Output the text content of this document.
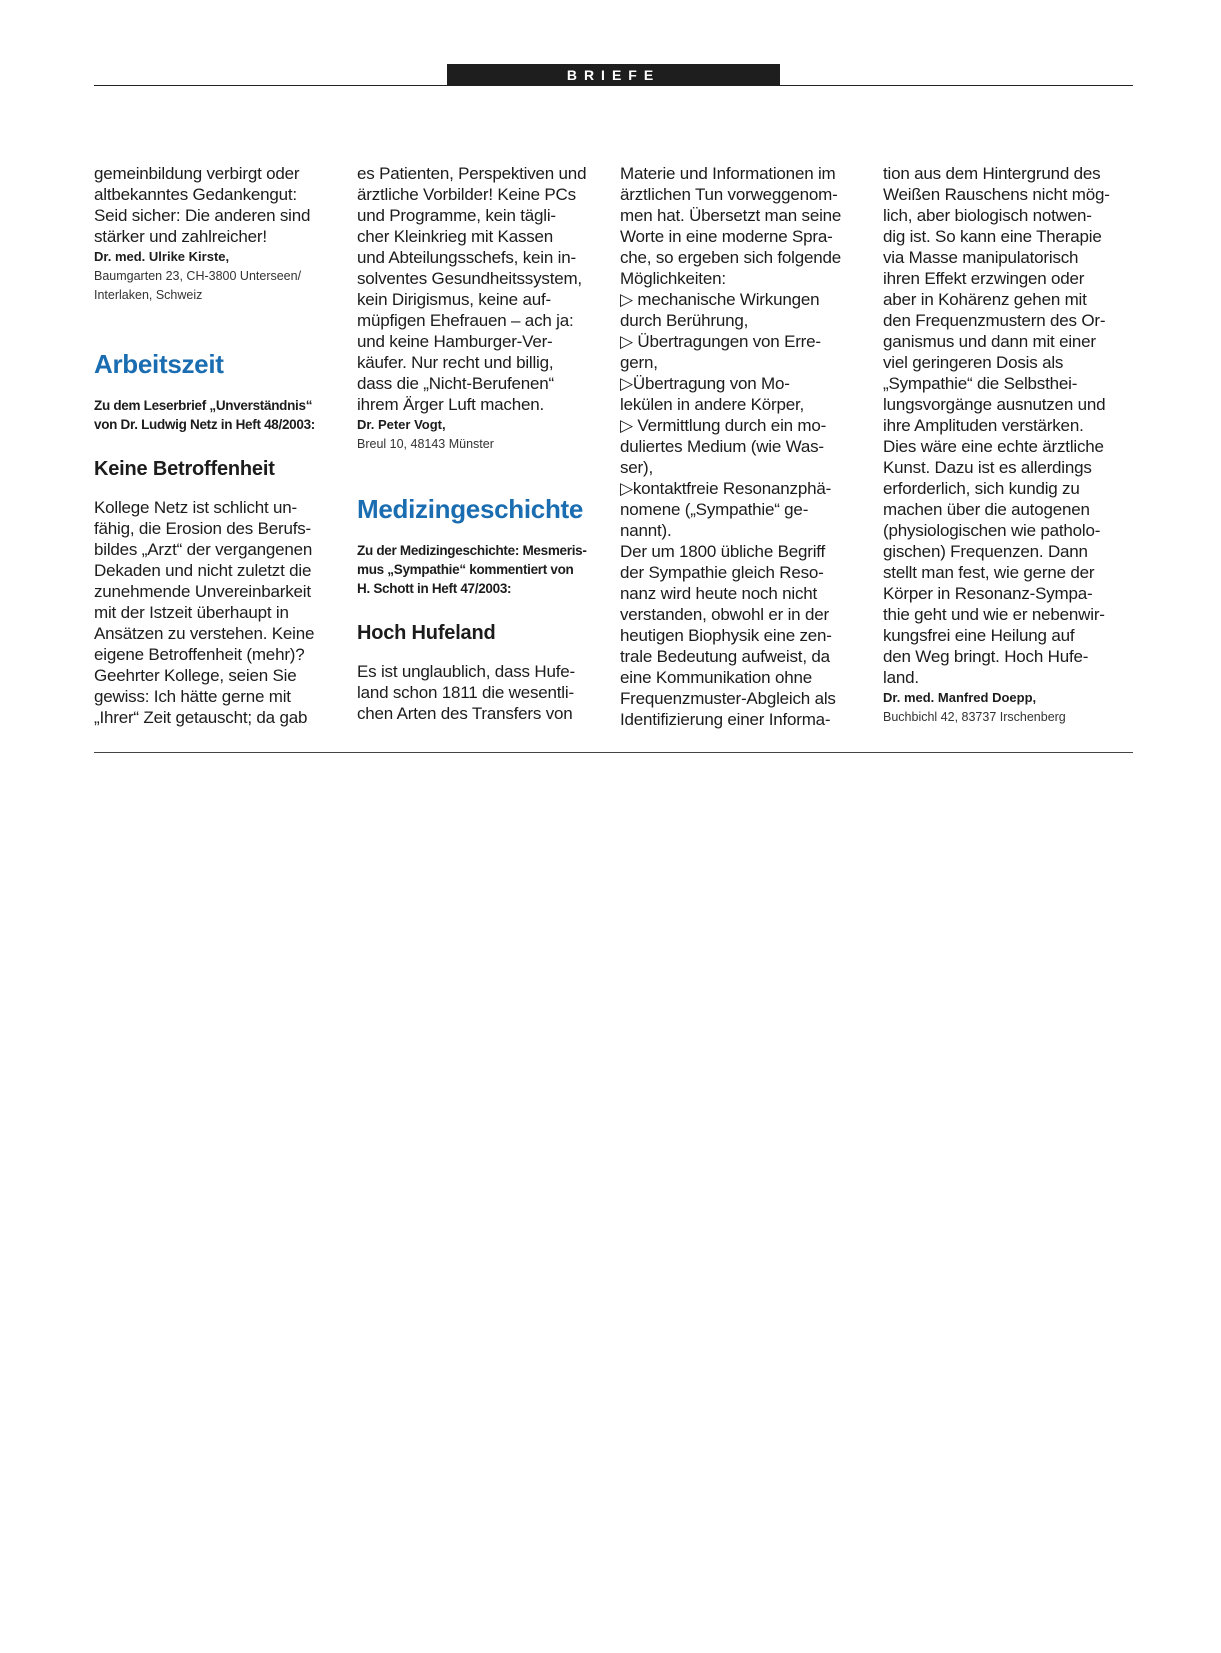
BRIEFE

gemeinbildung verbirgt oder
altbekanntes Gedankengut:
Seid sicher: Die anderen sind
stärker und zahlreicher!

Dr. med. Ulrike Kirste,

Baumgarten 23, CH-3800 Unterseen/
Interlaken, Schweiz

Arbeitszeit

Zu dem Leserbrief „Unverständnis“
von Dr. Ludwig Netz in Heft 48/2003:

Keine Betroffenheit

Kollege Netz ist schlicht un-
fähig, die Erosion des Berufs-
bildes „Arzt“ der vergangenen
Dekaden und nicht zuletzt die
zunehmende Unvereinbarkeit
mit der Istzeit überhaupt in
Ansätzen zu verstehen. Keine
eigene Betroffenheit (mehr)?
Geehrter Kollege, seien Sie
gewiss: Ich hätte gerne mit
„Ihrer“ Zeit getauscht; da gab

es Patienten, Perspektiven und
ärztliche Vorbilder! Keine PCs
und Programme, kein tägli-
cher Kleinkrieg mit Kassen
und Abteilungsschefs, kein in-
solventes Gesundheitssystem,
kein Dirigismus, keine auf-
müpfigen Ehefrauen – ach ja:
und keine Hamburger-Ver-
käufer. Nur recht und billig,
dass die „Nicht-Berufenen“
ihrem Ärger Luft machen.

Dr. Peter Vogt,

Breul 10, 48143 Münster

Medizingeschichte

Zu der Medizingeschichte: Mesmeris-
mus „Sympathie“ kommentiert von
H. Schott in Heft 47/2003:

Hoch Hufeland

Es ist unglaublich, dass Hufe-
land schon 1811 die wesentli-
chen Arten des Transfers von

Materie und Informationen im
ärztlichen Tun vorweggenom-
men hat. Übersetzt man seine
Worte in eine moderne Spra-
che, so ergeben sich folgende
Möglichkeiten:
▷ mechanische Wirkungen
durch Berührung,
▷ Übertragungen von Erre-
gern,
▷Übertragung von Mo-
lekülen in andere Körper,
▷ Vermittlung durch ein mo-
duliertes Medium (wie Was-
ser),
▷kontaktfreie Resonanzphä-
nomene („Sympathie“ ge-
nannt).
Der um 1800 übliche Begriff
der Sympathie gleich Reso-
nanz wird heute noch nicht
verstanden, obwohl er in der
heutigen Biophysik eine zen-
trale Bedeutung aufweist, da
eine Kommunikation ohne
Frequenzmuster-Abgleich als
Identifizierung einer Informa-

tion aus dem Hintergrund des
Weißen Rauschens nicht mög-
lich, aber biologisch notwen-
dig ist. So kann eine Therapie
via Masse manipulatorisch
ihren Effekt erzwingen oder
aber in Kohärenz gehen mit
den Frequenzmustern des Or-
ganismus und dann mit einer
viel geringeren Dosis als
„Sympathie“ die Selbsthei-
lungsvorgänge ausnutzen und
ihre Amplituden verstärken.
Dies wäre eine echte ärztliche
Kunst. Dazu ist es allerdings
erforderlich, sich kundig zu
machen über die autogenen
(physiologischen wie patholo-
gischen) Frequenzen. Dann
stellt man fest, wie gerne der
Körper in Resonanz-Sympa-
thie geht und wie er nebenwir-
kungsfrei eine Heilung auf
den Weg bringt. Hoch Hufe-
land.

Dr. med. Manfred Doepp,

Buchbichl 42, 83737 Irschenberg
